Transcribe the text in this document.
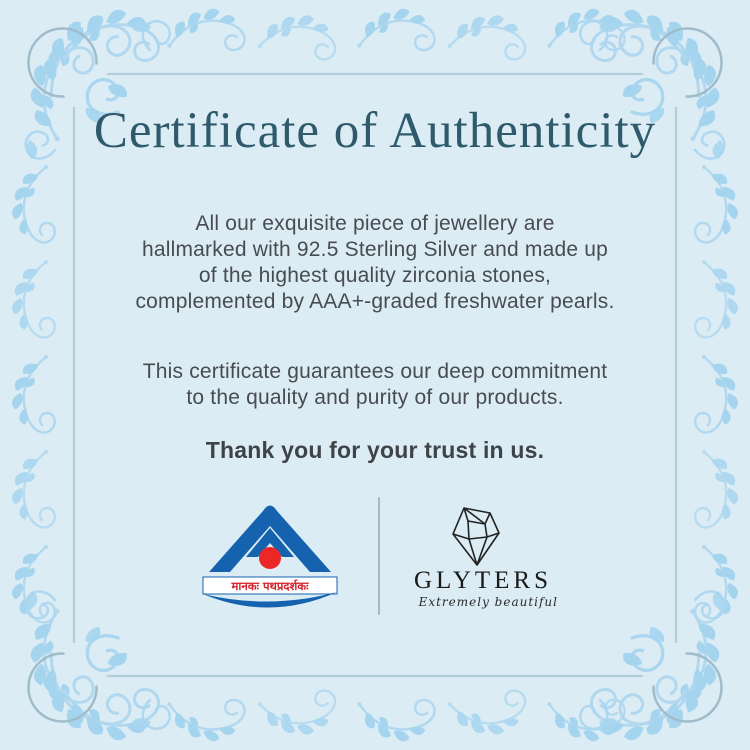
Certificate of Authenticity
All our exquisite piece of jewellery are
hallmarked with 92.5 Sterling Silver and made up
of the highest quality zirconia stones,
complemented by AAA+-graded freshwater pearls.
This certificate guarantees our deep commitment
to the quality and purity of our products.
Thank you for your trust in us.
मानकः पथप्रदर्शकः	GLYTERS
Extremely beautiful
